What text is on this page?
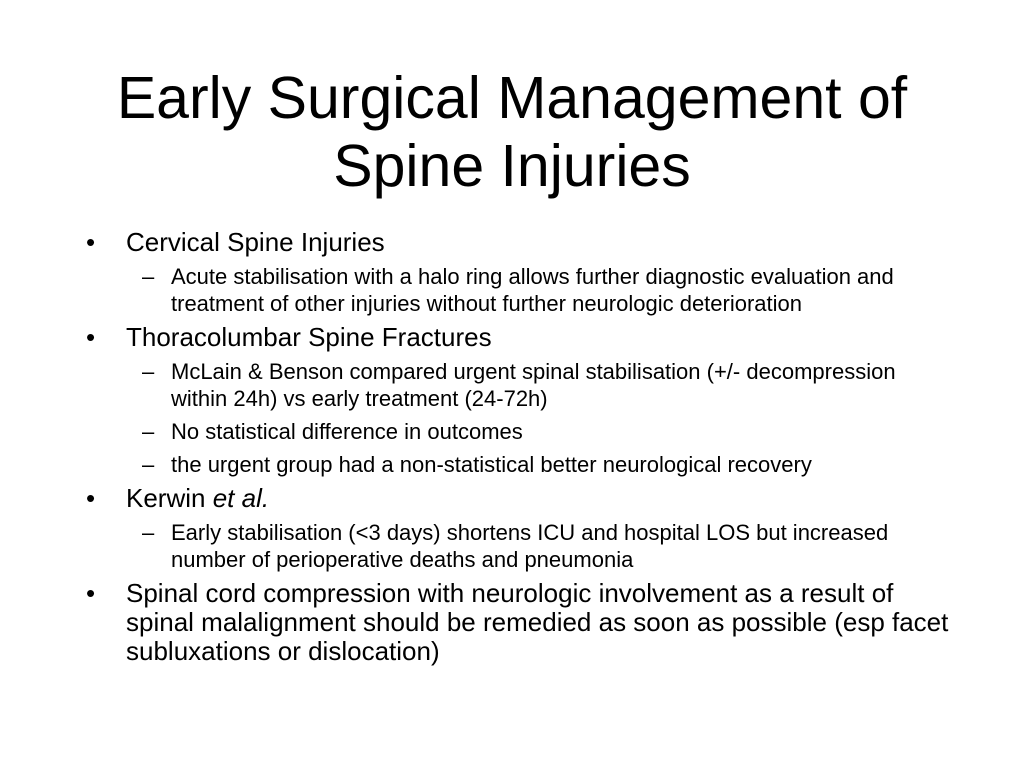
Early Surgical Management of
Spine Injuries
• Cervical Spine Injuries
– Acute stabilisation with a halo ring allows further diagnostic evaluation and treatment of other injuries without further neurologic deterioration
• Thoracolumbar Spine Fractures
– McLain & Benson compared urgent spinal stabilisation (+/- decompression within 24h) vs early treatment (24-72h)
– No statistical difference in outcomes
– the urgent group had a non-statistical better neurological recovery
• Kerwin et al.
– Early stabilisation (<3 days) shortens ICU and hospital LOS but increased number of perioperative deaths and pneumonia
• Spinal cord compression with neurologic involvement as a result of spinal malalignment should be remedied as soon as possible (esp facet subluxations or dislocation)
